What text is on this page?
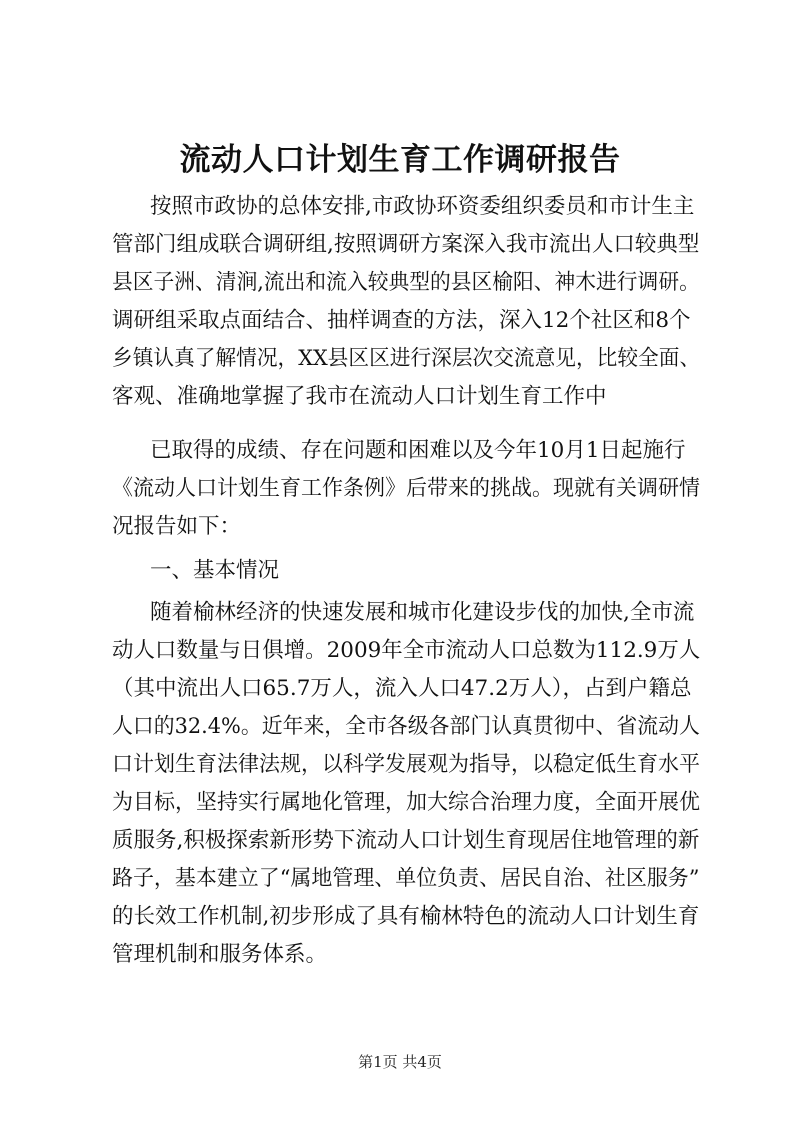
流动人口计划生育工作调研报告

按照市政协的总体安排,市政协环资委组织委员和市计生主

管部门组成联合调研组,按照调研方案深入我市流出人口较典型

县区子洲、清涧,流出和流入较典型的县区榆阳、神木进行调研。

调研组采取点面结合、抽样调查的方法，深入12个社区和8个

乡镇认真了解情况，XX县区区进行深层次交流意见，比较全面、

客观、准确地掌握了我市在流动人口计划生育工作中

已取得的成绩、存在问题和困难以及今年10月1日起施行

《流动人口计划生育工作条例》后带来的挑战。现就有关调研情

况报告如下：

一、基本情况

随着榆林经济的快速发展和城市化建设步伐的加快,全市流

动人口数量与日俱增。2009年全市流动人口总数为112.9万人

（其中流出人口65.7万人，流入人口47.2万人），占到户籍总

人口的32.4%。近年来，全市各级各部门认真贯彻中、省流动人

口计划生育法律法规，以科学发展观为指导，以稳定低生育水平

为目标，坚持实行属地化管理，加大综合治理力度，全面开展优

质服务,积极探索新形势下流动人口计划生育现居住地管理的新

路子，基本建立了“属地管理、单位负责、居民自治、社区服务”

的长效工作机制,初步形成了具有榆林特色的流动人口计划生育

管理机制和服务体系。

第1页 共4页
